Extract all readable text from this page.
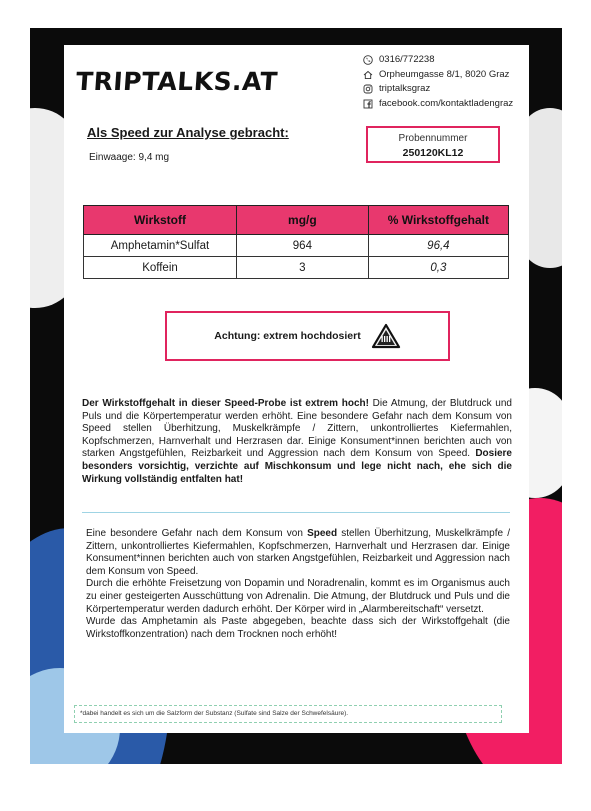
TRIPTALKS.AT
0316/772238
Orpheumgasse 8/1, 8020 Graz
triptalksgraz
facebook.com/kontaktladengraz
Als Speed zur Analyse gebracht:
Einwaage: 9,4 mg
Probennummer
250120KL12
Wirkstoff	mg/g	% Wirkstoffgehalt
Amphetamin*Sulfat	964	96,4
Koffein	3	0,3
Achtung: extrem hochdosiert
Der Wirkstoffgehalt in dieser Speed-Probe ist extrem hoch! Die Atmung, der Blutdruck und Puls und die Körpertemperatur werden erhöht. Eine besondere Gefahr nach dem Konsum von Speed stellen Überhitzung, Muskelkrämpfe / Zittern, unkontrolliertes Kiefermahlen, Kopfschmerzen, Harnverhalt und Herzrasen dar. Einige Konsument*innen berichten auch von starken Angstgefühlen, Reizbarkeit und Aggression nach dem Konsum von Speed. Dosiere besonders vorsichtig, verzichte auf Mischkonsum und lege nicht nach, ehe sich die Wirkung vollständig entfalten hat!
Eine besondere Gefahr nach dem Konsum von Speed stellen Überhitzung, Muskelkrämpfe / Zittern, unkontrolliertes Kiefermahlen, Kopfschmerzen, Harnverhalt und Herzrasen dar. Einige Konsument*innen berichten auch von starken Angstgefühlen, Reizbarkeit und Aggression nach dem Konsum von Speed.
Durch die erhöhte Freisetzung von Dopamin und Noradrenalin, kommt es im Organismus auch zu einer gesteigerten Ausschüttung von Adrenalin. Die Atmung, der Blutdruck und Puls und die Körpertemperatur werden dadurch erhöht. Der Körper wird in „Alarmbereitschaft“ versetzt.
Wurde das Amphetamin als Paste abgegeben, beachte dass sich der Wirkstoffgehalt (die Wirkstoffkonzentration) nach dem Trocknen noch erhöht!
*dabei handelt es sich um die Salzform der Substanz (Sulfate sind Salze der Schwefelsäure).
